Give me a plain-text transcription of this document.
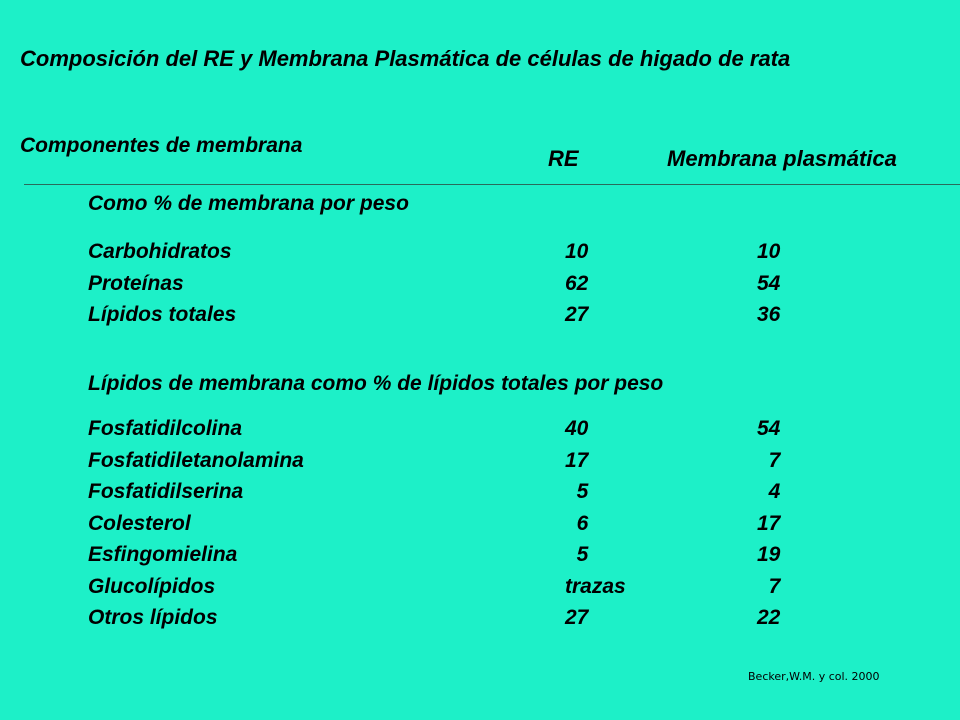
Composición del RE y Membrana Plasmática de células de higado de rata
Componentes de membrana
RE	Membrana plasmática
Como % de membrana por peso
Carbohidratos	10	10
Proteínas	62	54
Lípidos totales	27	36
Lípidos de membrana como % de lípidos totales por peso
Fosfatidilcolina	40	54
Fosfatidiletanolamina	17	7
Fosfatidilserina	5	4
Colesterol	6	17
Esfingomielina	5	19
Glucolípidos	trazas	7
Otros lípidos	27	22
Becker,W.M. y col. 2000
